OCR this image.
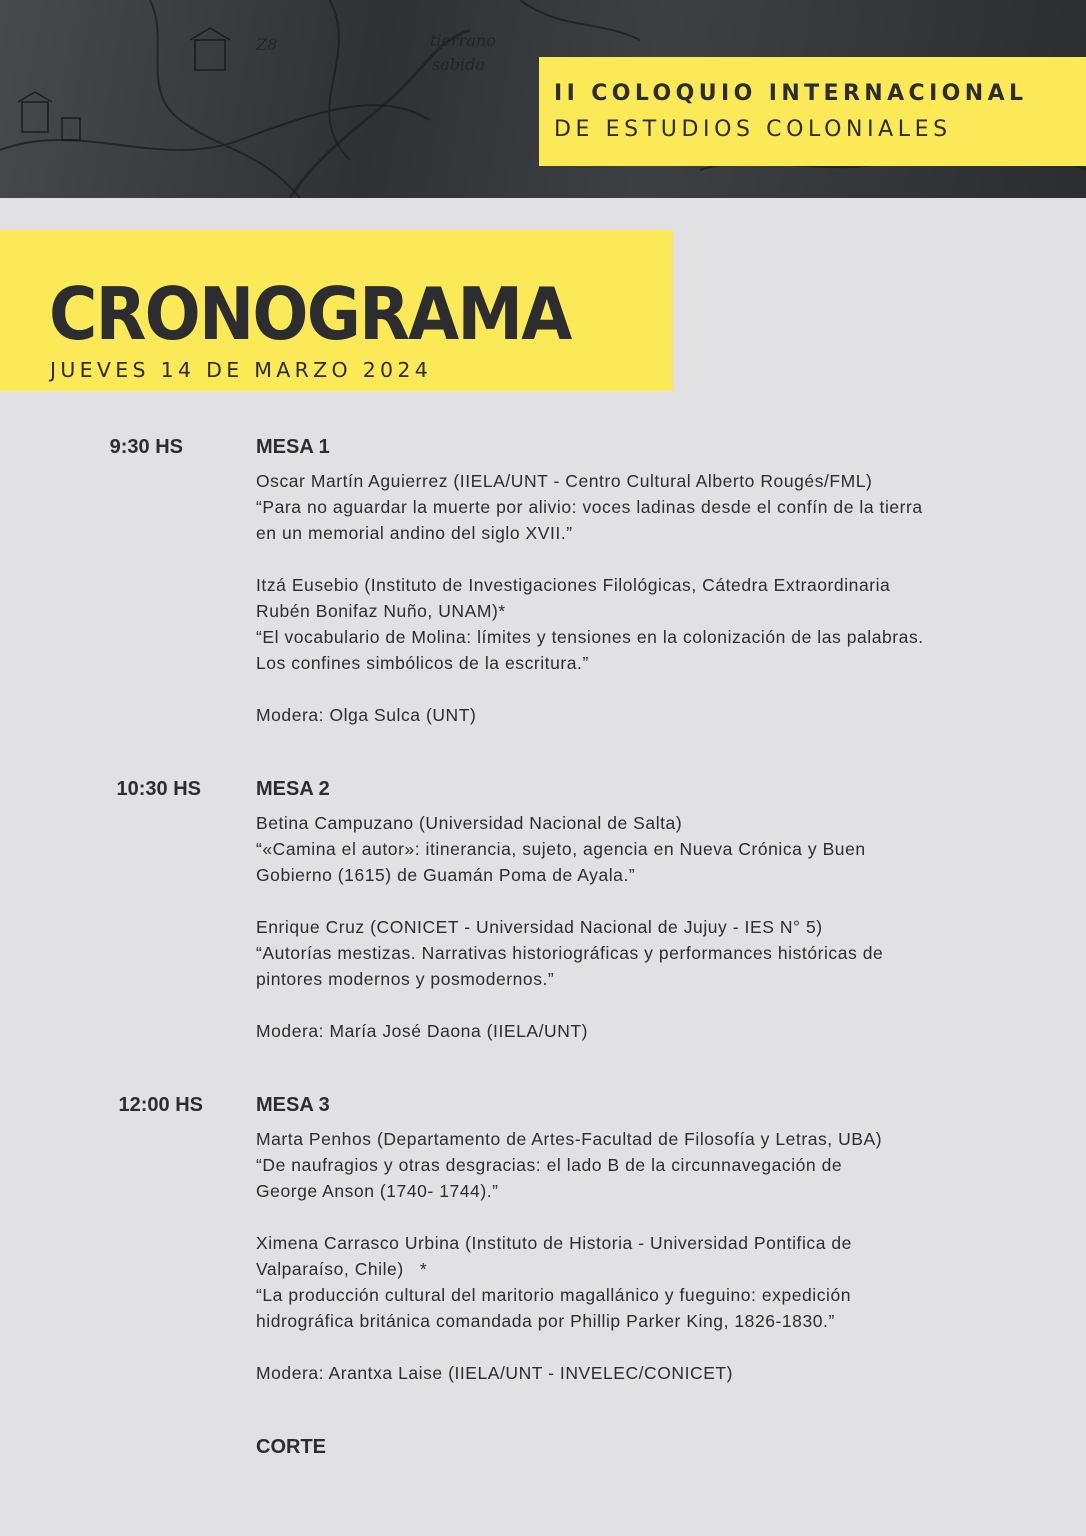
tierrano
sabida
Z8
II COLOQUIO INTERNACIONAL
DE ESTUDIOS COLONIALES
CRONOGRAMA
JUEVES 14 DE MARZO 2024
9:30 HS	MESA 1

Oscar Martín Aguierrez (IIELA/UNT - Centro Cultural Alberto Rougés/FML)
“Para no aguardar la muerte por alivio: voces ladinas desde el confín de la tierra
en un memorial andino del siglo XVII.”

Itzá Eusebio (Instituto de Investigaciones Filológicas, Cátedra Extraordinaria
Rubén Bonifaz Nuño, UNAM)*
“El vocabulario de Molina: límites y tensiones en la colonización de las palabras.
Los confines simbólicos de la escritura.”

Modera: Olga Sulca (UNT)

10:30 HS	MESA 2

Betina Campuzano (Universidad Nacional de Salta)
“«Camina el autor»: itinerancia, sujeto, agencia en Nueva Crónica y Buen
Gobierno (1615) de Guamán Poma de Ayala.”

Enrique Cruz (CONICET - Universidad Nacional de Jujuy - IES N° 5)
“Autorías mestizas. Narrativas historiográficas y performances históricas de
pintores modernos y posmodernos.”

Modera: María José Daona (IIELA/UNT)

12:00 HS	MESA 3

Marta Penhos (Departamento de Artes-Facultad de Filosofía y Letras, UBA)
“De naufragios y otras desgracias: el lado B de la circunnavegación de
George Anson (1740- 1744).”

Ximena Carrasco Urbina (Instituto de Historia - Universidad Pontifica de
Valparaíso, Chile)   *
“La producción cultural del maritorio magallánico y fueguino: expedición
hidrográfica británica comandada por Phillip Parker King, 1826-1830.”

Modera: Arantxa Laise (IIELA/UNT - INVELEC/CONICET)

CORTE
